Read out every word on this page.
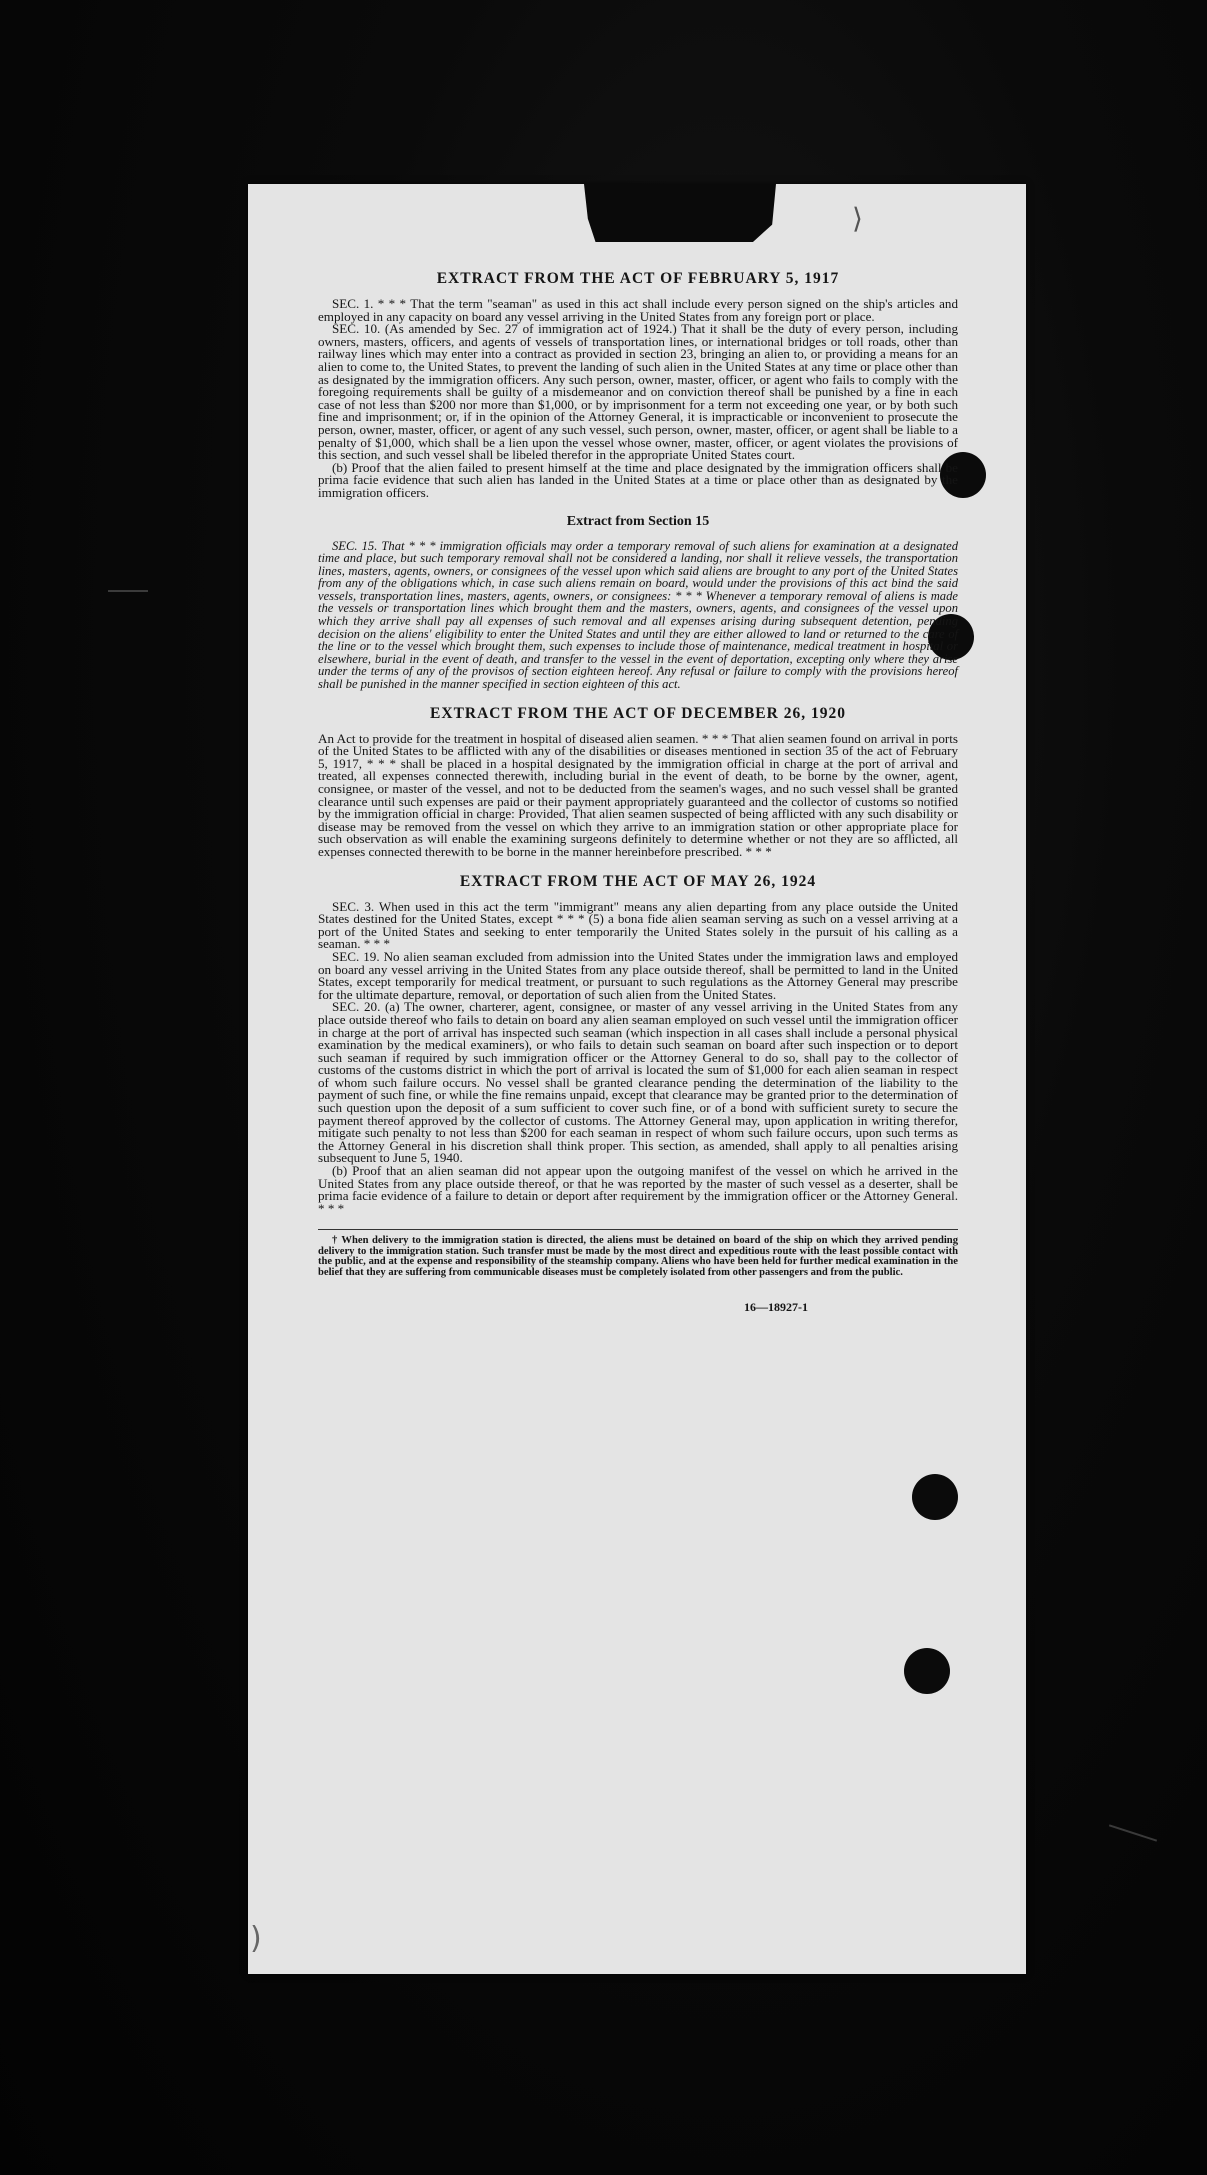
⟩
EXTRACT FROM THE ACT OF FEBRUARY 5, 1917

SEC. 1. * * * That the term "seaman" as used in this act shall include every person signed on the ship's articles and employed in any capacity on board any vessel arriving in the United States from any foreign port or place.

SEC. 10. (As amended by Sec. 27 of immigration act of 1924.) That it shall be the duty of every person, including owners, masters, officers, and agents of vessels of transportation lines, or international bridges or toll roads, other than railway lines which may enter into a contract as provided in section 23, bringing an alien to, or providing a means for an alien to come to, the United States, to prevent the landing of such alien in the United States at any time or place other than as designated by the immigration officers. Any such person, owner, master, officer, or agent who fails to comply with the foregoing requirements shall be guilty of a misdemeanor and on conviction thereof shall be punished by a fine in each case of not less than $200 nor more than $1,000, or by imprisonment for a term not exceeding one year, or by both such fine and imprisonment; or, if in the opinion of the Attorney General, it is impracticable or inconvenient to prosecute the person, owner, master, officer, or agent of any such vessel, such person, owner, master, officer, or agent shall be liable to a penalty of $1,000, which shall be a lien upon the vessel whose owner, master, officer, or agent violates the provisions of this section, and such vessel shall be libeled therefor in the appropriate United States court.

(b) Proof that the alien failed to present himself at the time and place designated by the immigration officers shall be prima facie evidence that such alien has landed in the United States at a time or place other than as designated by the immigration officers.

Extract from Section 15

SEC. 15. That * * * immigration officials may order a temporary removal of such aliens for examination at a designated time and place, but such temporary removal shall not be considered a landing, nor shall it relieve vessels, the transportation lines, masters, agents, owners, or consignees of the vessel upon which said aliens are brought to any port of the United States from any of the obligations which, in case such aliens remain on board, would under the provisions of this act bind the said vessels, transportation lines, masters, agents, owners, or consignees: * * * Whenever a temporary removal of aliens is made the vessels or transportation lines which brought them and the masters, owners, agents, and consignees of the vessel upon which they arrive shall pay all expenses of such removal and all expenses arising during subsequent detention, pending decision on the aliens' eligibility to enter the United States and until they are either allowed to land or returned to the care of the line or to the vessel which brought them, such expenses to include those of maintenance, medical treatment in hospital or elsewhere, burial in the event of death, and transfer to the vessel in the event of deportation, excepting only where they arise under the terms of any of the provisos of section eighteen hereof. Any refusal or failure to comply with the provisions hereof shall be punished in the manner specified in section eighteen of this act.

EXTRACT FROM THE ACT OF DECEMBER 26, 1920

An Act to provide for the treatment in hospital of diseased alien seamen. * * * That alien seamen found on arrival in ports of the United States to be afflicted with any of the disabilities or diseases mentioned in section 35 of the act of February 5, 1917, * * * shall be placed in a hospital designated by the immigration official in charge at the port of arrival and treated, all expenses connected therewith, including burial in the event of death, to be borne by the owner, agent, consignee, or master of the vessel, and not to be deducted from the seamen's wages, and no such vessel shall be granted clearance until such expenses are paid or their payment appropriately guaranteed and the collector of customs so notified by the immigration official in charge: Provided, That alien seamen suspected of being afflicted with any such disability or disease may be removed from the vessel on which they arrive to an immigration station or other appropriate place for such observation as will enable the examining surgeons definitely to determine whether or not they are so afflicted, all expenses connected therewith to be borne in the manner hereinbefore prescribed. * * *

EXTRACT FROM THE ACT OF MAY 26, 1924

SEC. 3. When used in this act the term "immigrant" means any alien departing from any place outside the United States destined for the United States, except * * * (5) a bona fide alien seaman serving as such on a vessel arriving at a port of the United States and seeking to enter temporarily the United States solely in the pursuit of his calling as a seaman. * * *

SEC. 19. No alien seaman excluded from admission into the United States under the immigration laws and employed on board any vessel arriving in the United States from any place outside thereof, shall be permitted to land in the United States, except temporarily for medical treatment, or pursuant to such regulations as the Attorney General may prescribe for the ultimate departure, removal, or deportation of such alien from the United States.

SEC. 20. (a) The owner, charterer, agent, consignee, or master of any vessel arriving in the United States from any place outside thereof who fails to detain on board any alien seaman employed on such vessel until the immigration officer in charge at the port of arrival has inspected such seaman (which inspection in all cases shall include a personal physical examination by the medical examiners), or who fails to detain such seaman on board after such inspection or to deport such seaman if required by such immigration officer or the Attorney General to do so, shall pay to the collector of customs of the customs district in which the port of arrival is located the sum of $1,000 for each alien seaman in respect of whom such failure occurs. No vessel shall be granted clearance pending the determination of the liability to the payment of such fine, or while the fine remains unpaid, except that clearance may be granted prior to the determination of such question upon the deposit of a sum sufficient to cover such fine, or of a bond with sufficient surety to secure the payment thereof approved by the collector of customs. The Attorney General may, upon application in writing therefor, mitigate such penalty to not less than $200 for each seaman in respect of whom such failure occurs, upon such terms as the Attorney General in his discretion shall think proper. This section, as amended, shall apply to all penalties arising subsequent to June 5, 1940.

(b) Proof that an alien seaman did not appear upon the outgoing manifest of the vessel on which he arrived in the United States from any place outside thereof, or that he was reported by the master of such vessel as a deserter, shall be prima facie evidence of a failure to detain or deport after requirement by the immigration officer or the Attorney General. * * *

† When delivery to the immigration station is directed, the aliens must be detained on board of the ship on which they arrived pending delivery to the immigration station. Such transfer must be made by the most direct and expeditious route with the least possible contact with the public, and at the expense and responsibility of the steamship company. Aliens who have been held for further medical examination in the belief that they are suffering from communicable diseases must be completely isolated from other passengers and from the public.

16—18927-1
)
